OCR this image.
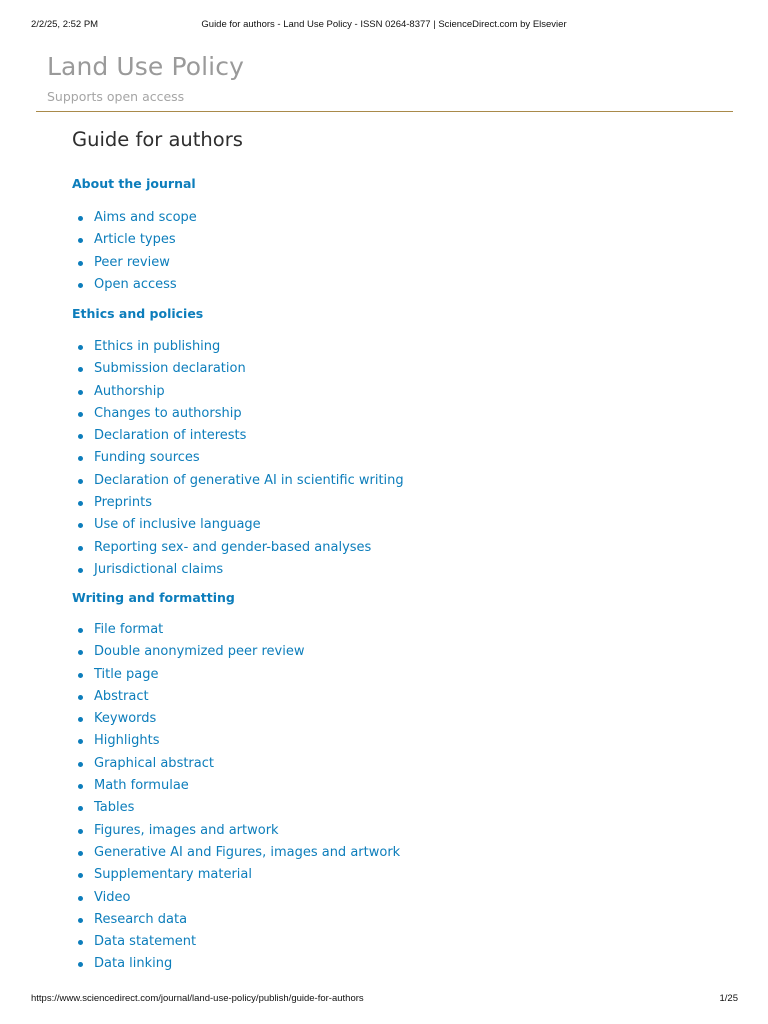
2/2/25, 2:52 PM	Guide for authors - Land Use Policy - ISSN 0264-8377 | ScienceDirect.com by Elsevier
Land Use Policy
Supports open access
Guide for authors
About the journal
Aims and scope
Article types
Peer review
Open access
Ethics and policies
Ethics in publishing
Submission declaration
Authorship
Changes to authorship
Declaration of interests
Funding sources
Declaration of generative AI in scientific writing
Preprints
Use of inclusive language
Reporting sex- and gender-based analyses
Jurisdictional claims
Writing and formatting
File format
Double anonymized peer review
Title page
Abstract
Keywords
Highlights
Graphical abstract
Math formulae
Tables
Figures, images and artwork
Generative AI and Figures, images and artwork
Supplementary material
Video
Research data
Data statement
Data linking
https://www.sciencedirect.com/journal/land-use-policy/publish/guide-for-authors	1/25
